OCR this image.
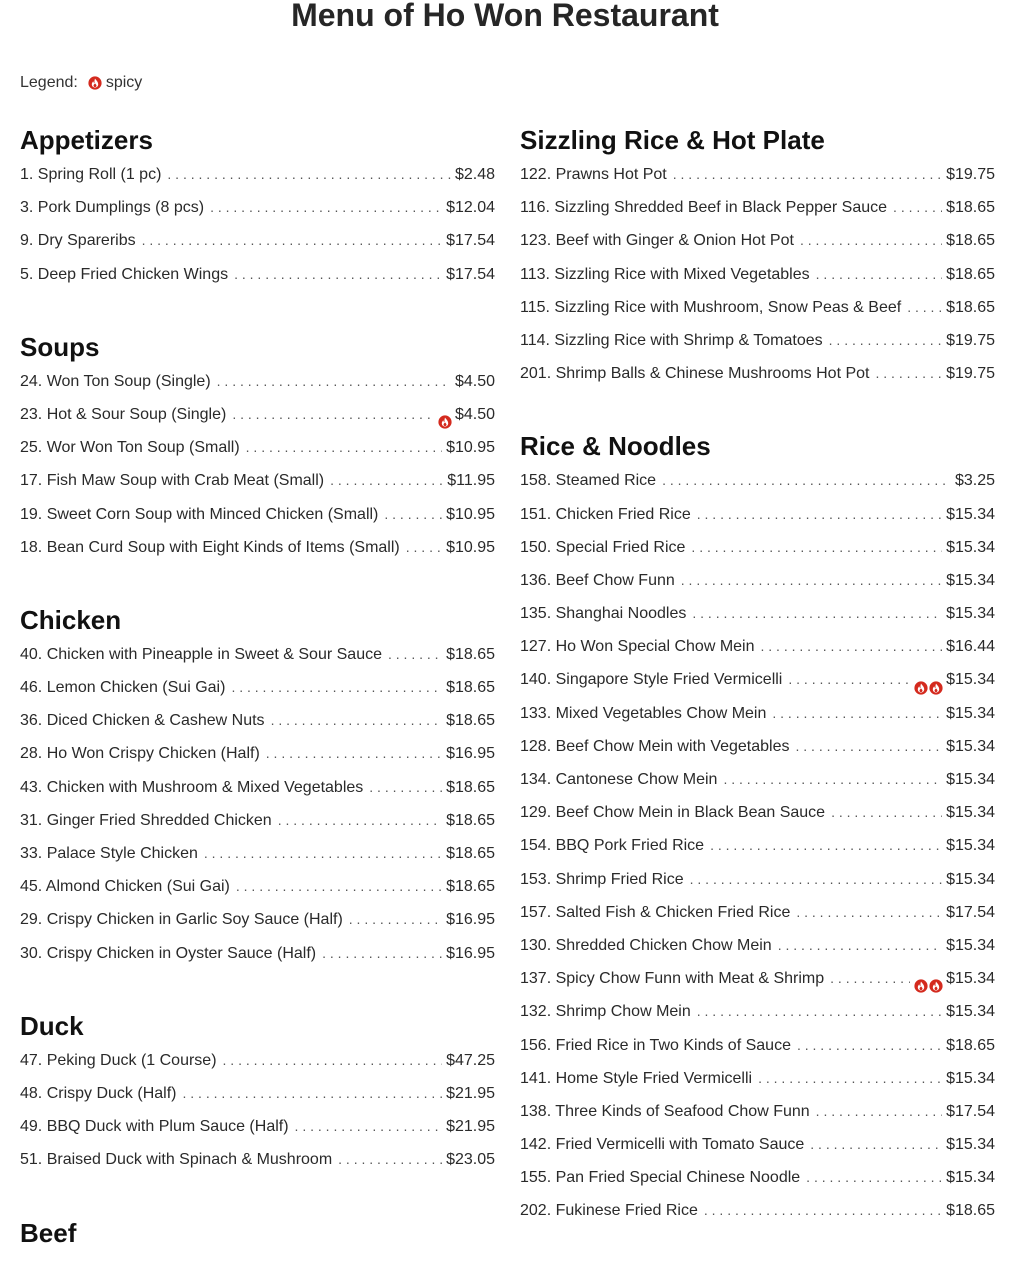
Menu of Ho Won Restaurant
Legend: spicy
Appetizers
1. Spring Roll (1 pc) . . .	$2.48
3. Pork Dumplings (8 pcs) . . .	$12.04
9. Dry Spareribs . . .	$17.54
5. Deep Fried Chicken Wings . . .	$17.54
Soups
24. Won Ton Soup (Single) . . .	$4.50
23. Hot & Sour Soup (Single) . . .	$4.50
25. Wor Won Ton Soup (Small) . . .	$10.95
17. Fish Maw Soup with Crab Meat (Small) . . .	$11.95
19. Sweet Corn Soup with Minced Chicken (Small) . . .	$10.95
18. Bean Curd Soup with Eight Kinds of Items (Small) . . .	$10.95
Chicken
40. Chicken with Pineapple in Sweet & Sour Sauce . . .	$18.65
46. Lemon Chicken (Sui Gai) . . .	$18.65
36. Diced Chicken & Cashew Nuts . . .	$18.65
28. Ho Won Crispy Chicken (Half) . . .	$16.95
43. Chicken with Mushroom & Mixed Vegetables . . .	$18.65
31. Ginger Fried Shredded Chicken . . .	$18.65
33. Palace Style Chicken . . .	$18.65
45. Almond Chicken (Sui Gai) . . .	$18.65
29. Crispy Chicken in Garlic Soy Sauce (Half) . . .	$16.95
30. Crispy Chicken in Oyster Sauce (Half) . . .	$16.95
Duck
47. Peking Duck (1 Course) . . .	$47.25
48. Crispy Duck (Half) . . .	$21.95
49. BBQ Duck with Plum Sauce (Half) . . .	$21.95
51. Braised Duck with Spinach & Mushroom . . .	$23.05
Beef
Sizzling Rice & Hot Plate
122. Prawns Hot Pot . . .	$19.75
116. Sizzling Shredded Beef in Black Pepper Sauce . . .	$18.65
123. Beef with Ginger & Onion Hot Pot . . .	$18.65
113. Sizzling Rice with Mixed Vegetables . . .	$18.65
115. Sizzling Rice with Mushroom, Snow Peas & Beef . . .	$18.65
114. Sizzling Rice with Shrimp & Tomatoes . . .	$19.75
201. Shrimp Balls & Chinese Mushrooms Hot Pot . . .	$19.75
Rice & Noodles
158. Steamed Rice . . .	$3.25
151. Chicken Fried Rice . . .	$15.34
150. Special Fried Rice . . .	$15.34
136. Beef Chow Funn . . .	$15.34
135. Shanghai Noodles . . .	$15.34
127. Ho Won Special Chow Mein . . .	$16.44
140. Singapore Style Fried Vermicelli . . .	$15.34
133. Mixed Vegetables Chow Mein . . .	$15.34
128. Beef Chow Mein with Vegetables . . .	$15.34
134. Cantonese Chow Mein . . .	$15.34
129. Beef Chow Mein in Black Bean Sauce . . .	$15.34
154. BBQ Pork Fried Rice . . .	$15.34
153. Shrimp Fried Rice . . .	$15.34
157. Salted Fish & Chicken Fried Rice . . .	$17.54
130. Shredded Chicken Chow Mein . . .	$15.34
137. Spicy Chow Funn with Meat & Shrimp . . .	$15.34
132. Shrimp Chow Mein . . .	$15.34
156. Fried Rice in Two Kinds of Sauce . . .	$18.65
141. Home Style Fried Vermicelli . . .	$15.34
138. Three Kinds of Seafood Chow Funn . . .	$17.54
142. Fried Vermicelli with Tomato Sauce . . .	$15.34
155. Pan Fried Special Chinese Noodle . . .	$15.34
202. Fukinese Fried Rice . . .	$18.65
